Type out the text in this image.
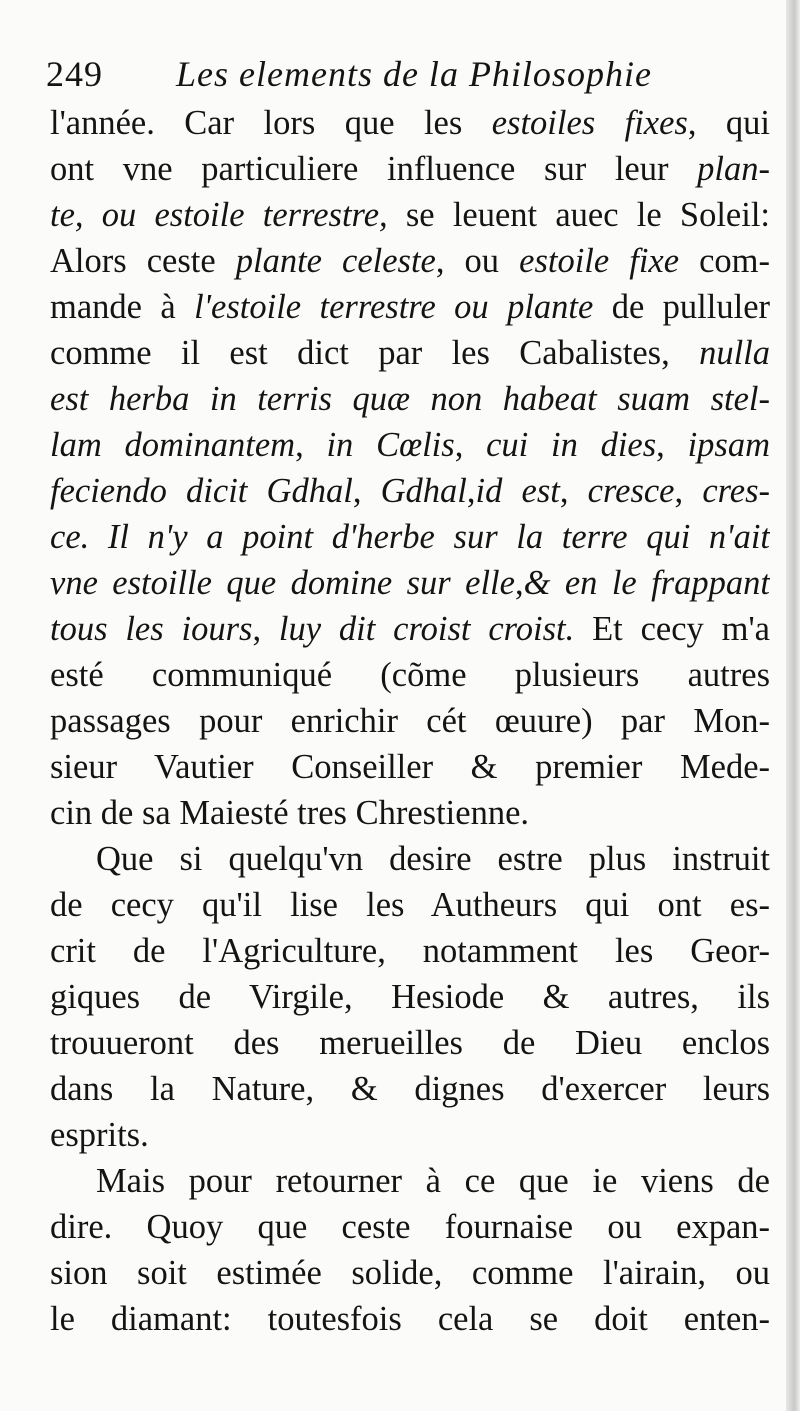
249 Les elements de la Philosophie
l'année. Car lors que les estoiles fixes, qui
ont vne particuliere influence sur leur plan-
te, ou estoile terrestre, se leuent auec le Soleil:
Alors ceste plante celeste, ou estoile fixe com-
mande à l'estoile terrestre ou plante de pulluler
comme il est dict par les Cabalistes, nulla
est herba in terris quæ non habeat suam stel-
lam dominantem, in Cœlis, cui in dies, ipsam
feciendo dicit Gdhal, Gdhal,id est, cresce, cres-
ce. Il n'y a point d'herbe sur la terre qui n'ait
vne estoille que domine sur elle,& en le frappant
tous les iours, luy dit croist croist. Et cecy m'a
esté communiqué (cõme plusieurs autres
passages pour enrichir cét œuure) par Mon-
sieur Vautier Conseiller & premier Mede-
cin de sa Maiesté tres Chrestienne.
Que si quelqu'vn desire estre plus instruit
de cecy qu'il lise les Autheurs qui ont es-
crit de l'Agriculture, notamment les Geor-
giques de Virgile, Hesiode & autres, ils
trouueront des merueilles de Dieu enclos
dans la Nature, & dignes d'exercer leurs
esprits.
Mais pour retourner à ce que ie viens de
dire. Quoy que ceste fournaise ou expan-
sion soit estimée solide, comme l'airain, ou
le diamant: toutesfois cela se doit enten-
